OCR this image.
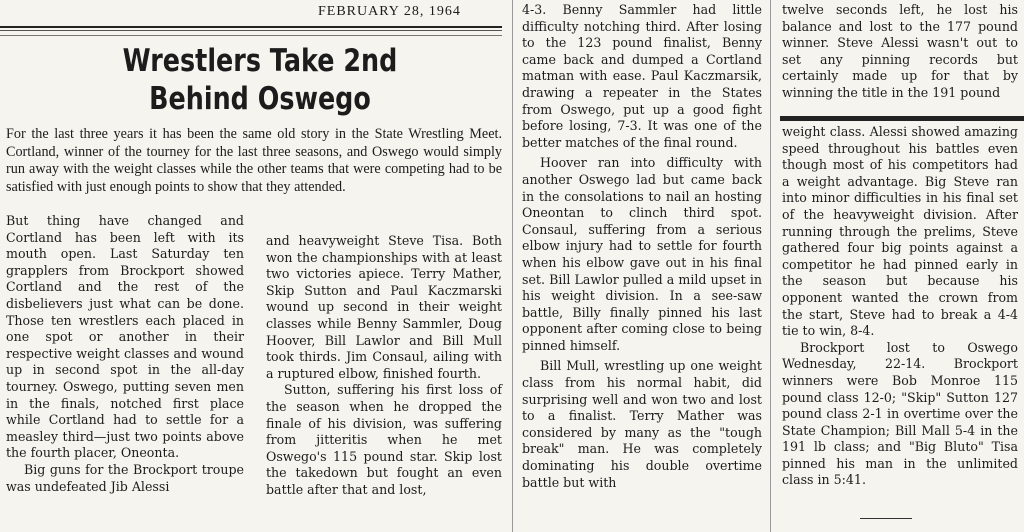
FEBRUARY 28, 1964
Wrestlers Take 2nd
Behind Oswego
For the last three years it has been the same old story in the State Wrestling Meet. Cortland, winner of the tourney for the last three seasons, and Oswego would simply run away with the weight classes while the other teams that were competing had to be satisfied with just enough points to show that they attended.

But thing have changed and Cortland has been left with its mouth open. Last Saturday ten grapplers from Brockport showed Cortland and the rest of the disbelievers just what can be done. Those ten wrestlers each placed in one spot or another in their respective weight classes and wound up in second spot in the all-day tourney. Oswego, putting seven men in the finals, notched first place while Cortland had to settle for a measley third—just two points above the fourth placer, Oneonta.

Big guns for the Brockport troupe was undefeated Jib Alessi

and heavyweight Steve Tisa. Both won the championships with at least two victories apiece. Terry Mather, Skip Sutton and Paul Kaczmarski wound up second in their weight classes while Benny Sammler, Doug Hoover, Bill Lawlor and Bill Mull took thirds. Jim Consaul, ailing with a ruptured elbow, finished fourth.

Sutton, suffering his first loss of the season when he dropped the finale of his division, was suffering from jitteritis when he met Oswego's 115 pound star. Skip lost the takedown but fought an even battle after that and lost,

4-3. Benny Sammler had little difficulty notching third. After losing to the 123 pound finalist, Benny came back and dumped a Cortland matman with ease. Paul Kaczmarsik, drawing a repeater in the States from Oswego, put up a good fight before losing, 7-3. It was one of the better matches of the final round.

Hoover ran into difficulty with another Oswego lad but came back in the consolations to nail an hosting Oneontan to clinch third spot. Consaul, suffering from a serious elbow injury had to settle for fourth when his elbow gave out in his final set. Bill Lawlor pulled a mild upset in his weight division. In a see-saw battle, Billy finally pinned his last opponent after coming close to being pinned himself.

Bill Mull, wrestling up one weight class from his normal habit, did surprising well and won two and lost to a finalist. Terry Mather was considered by many as the "tough break" man. He was completely dominating his double overtime battle but with

twelve seconds left, he lost his balance and lost to the 177 pound winner. Steve Alessi wasn't out to set any pinning records but certainly made up for that by winning the title in the 191 pound

weight class. Alessi showed amazing speed throughout his battles even though most of his competitors had a weight advantage. Big Steve ran into minor difficulties in his final set of the heavyweight division. After running through the prelims, Steve gathered four big points against a competitor he had pinned early in the season but because his opponent wanted the crown from the start, Steve had to break a 4-4 tie to win, 8-4.

Brockport lost to Oswego Wednesday, 22-14. Brockport winners were Bob Monroe 115 pound class 12-0; "Skip" Sutton 127 pound class 2-1 in overtime over the State Champion; Bill Mall 5-4 in the 191 lb class; and "Big Bluto" Tisa pinned his man in the unlimited class in 5:41.
